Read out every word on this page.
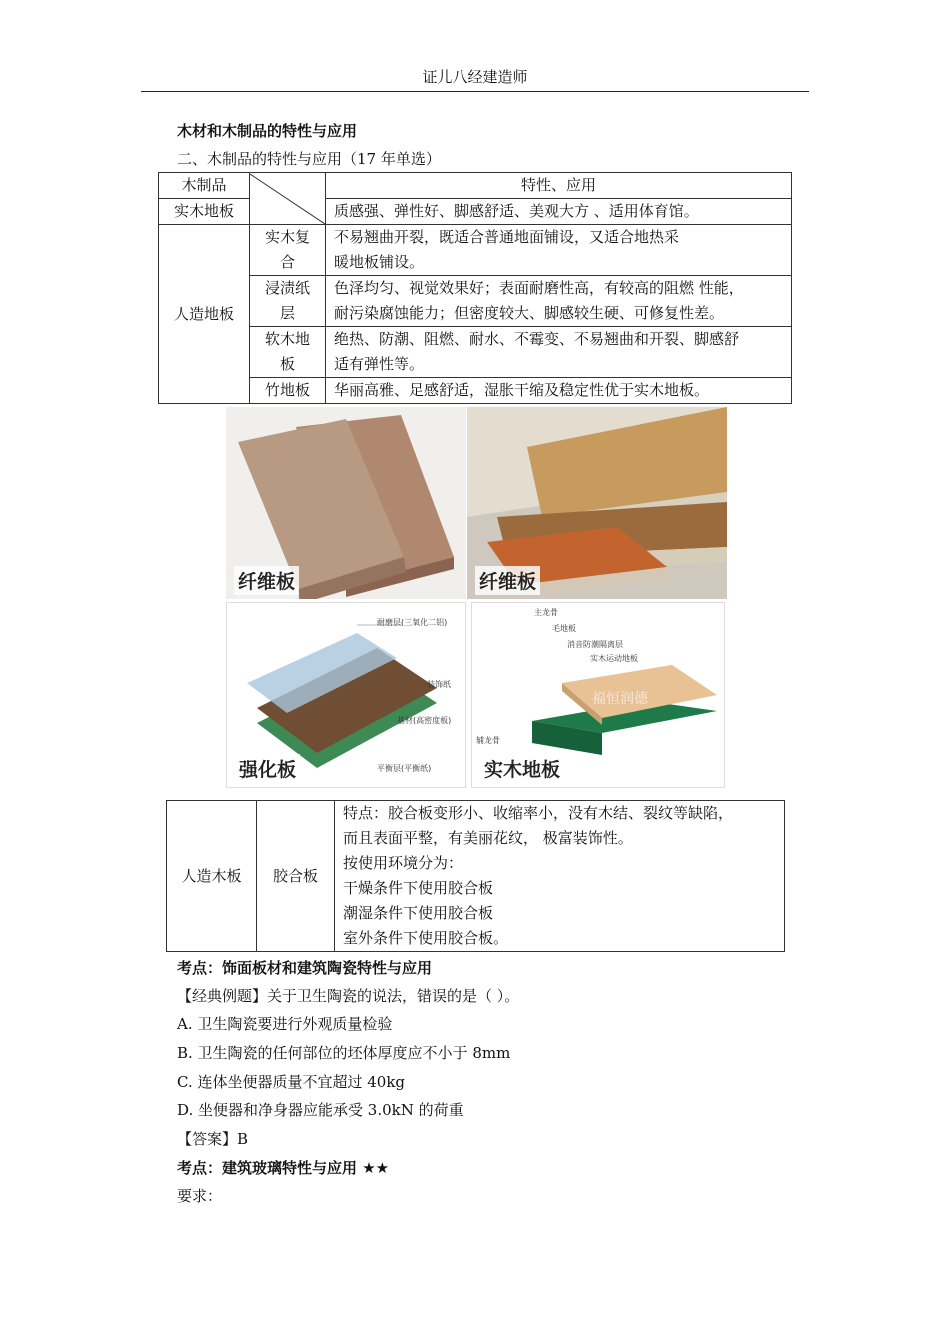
证儿八经建造师
木材和木制品的特性与应用
二、木制品的特性与应用（17 年单选）
木制品		特性、应用
实木地板		质感强、弹性好、脚感舒适、美观大方 、适用体育馆。
人造地板	实木复合	不易翘曲开裂，既适合普通地面铺设，又适合地热采
暖地板铺设。

	浸渍纸层	色泽均匀、视觉效果好；表面耐磨性高，有较高的阻燃 性能，
耐污染腐蚀能力；但密度较大、脚感较生硬、可修复性差。

	软木地板	绝热、防潮、阻燃、耐水、不霉变、不易翘曲和开裂、脚感舒
适有弹性等。

	竹地板	华丽高雅、足感舒适，湿胀干缩及稳定性优于实木地板。
纤维板	纤维板
耐磨层(三氧化二铝)
装饰纸
基材(高密度板)
平衡层(平衡纸)
强化板
福恒润德
主龙骨
毛地板
消音防潮隔离层
实木运动地板
辅龙骨
实木地板
人造木板	胶合板	
特点：胶合板变形小、收缩率小，没有木结、裂纹等缺陷，
而且表面平整，有美丽花纹， 极富装饰性。
按使用环境分为：
干燥条件下使用胶合板
潮湿条件下使用胶合板
室外条件下使用胶合板。
考点：饰面板材和建筑陶瓷特性与应用
【经典例题】关于卫生陶瓷的说法，错误的是（ ）。
A. 卫生陶瓷要进行外观质量检验
B. 卫生陶瓷的任何部位的坯体厚度应不小于 8mm
C. 连体坐便器质量不宜超过 40kg
D. 坐便器和净身器应能承受 3.0kN 的荷重
【答案】B
考点：建筑玻璃特性与应用 ★★
要求：
